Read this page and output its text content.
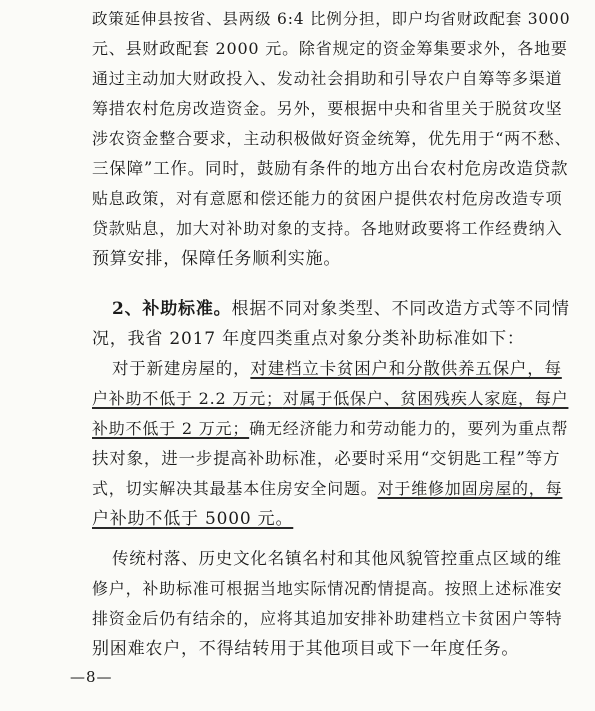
政策延伸县按省、县两级 6:4 比例分担，即户均省财政配套 3000
元、县财政配套 2000 元。除省规定的资金筹集要求外，各地要
通过主动加大财政投入、发动社会捐助和引导农户自筹等多渠道
筹措农村危房改造资金。另外，要根据中央和省里关于脱贫攻坚
涉农资金整合要求，主动积极做好资金统筹，优先用于“两不愁、
三保障”工作。同时，鼓励有条件的地方出台农村危房改造贷款
贴息政策，对有意愿和偿还能力的贫困户提供农村危房改造专项
贷款贴息，加大对补助对象的支持。各地财政要将工作经费纳入
预算安排，保障任务顺利实施。
2、补助标准。根据不同对象类型、不同改造方式等不同情
况，我省 2017 年度四类重点对象分类补助标准如下：
对于新建房屋的，对建档立卡贫困户和分散供养五保户，每
户补助不低于 2.2 万元；对属于低保户、贫困残疾人家庭，每户
补助不低于 2 万元；确无经济能力和劳动能力的，要列为重点帮
扶对象，进一步提高补助标准，必要时采用“交钥匙工程”等方
式，切实解决其最基本住房安全问题。对于维修加固房屋的，每
户补助不低于 5000 元。
传统村落、历史文化名镇名村和其他风貌管控重点区域的维
修户，补助标准可根据当地实际情况酌情提高。按照上述标准安
排资金后仍有结余的，应将其追加安排补助建档立卡贫困户等特
别困难农户，不得结转用于其他项目或下一年度任务。
—8—
